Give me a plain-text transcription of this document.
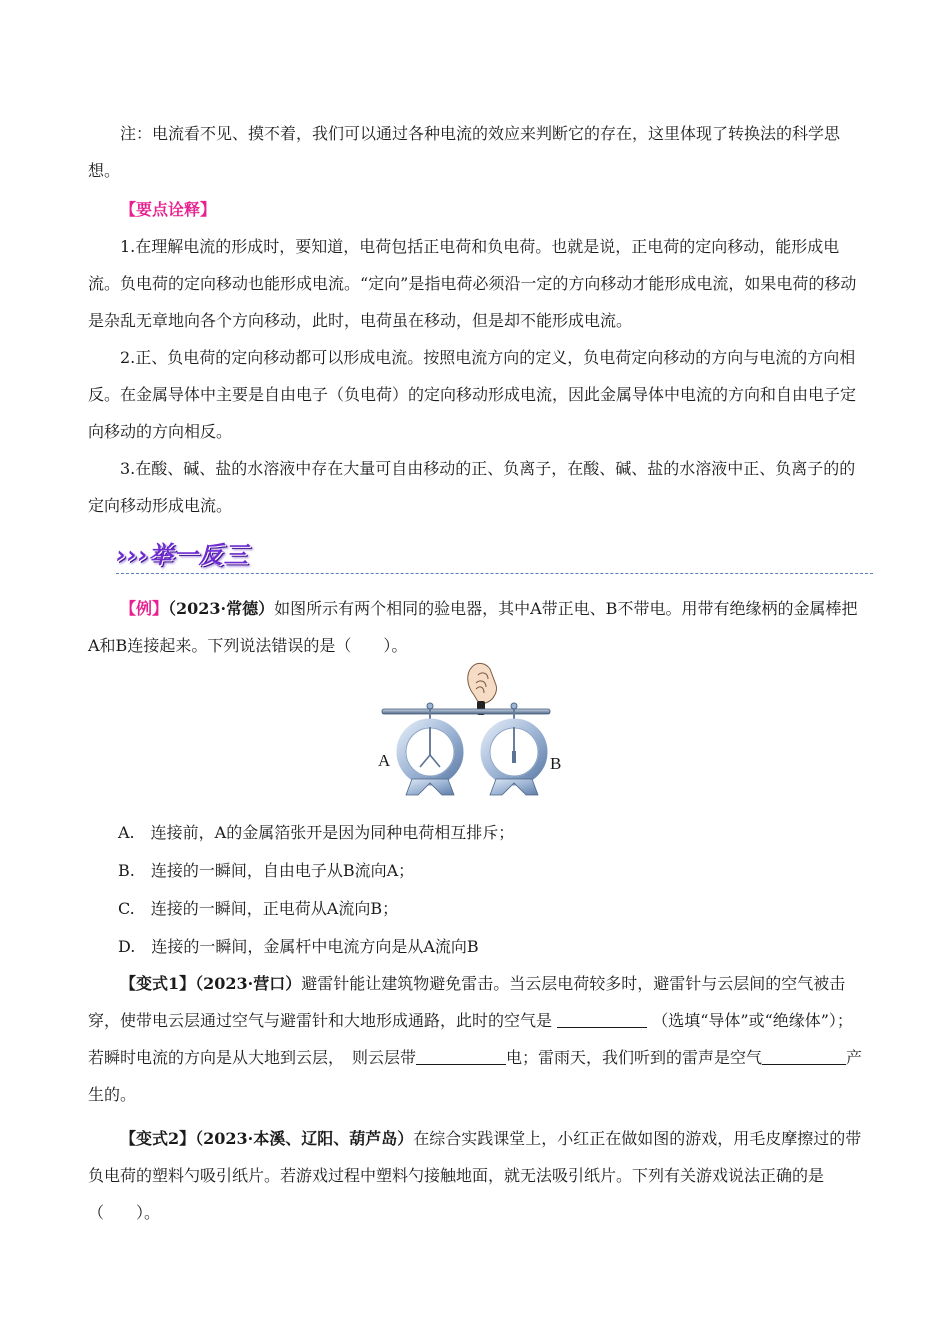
注：电流看不见、摸不着，我们可以通过各种电流的效应来判断它的存在，这里体现了转换法的科学思想。

【要点诠释】

1.在理解电流的形成时，要知道，电荷包括正电荷和负电荷。也就是说，正电荷的定向移动，能形成电流。负电荷的定向移动也能形成电流。“定向”是指电荷必须沿一定的方向移动才能形成电流，如果电荷的移动是杂乱无章地向各个方向移动，此时，电荷虽在移动，但是却不能形成电流。

2.正、负电荷的定向移动都可以形成电流。按照电流方向的定义，负电荷定向移动的方向与电流的方向相反。在金属导体中主要是自由电子（负电荷）的定向移动形成电流，因此金属导体中电流的方向和自由电子定向移动的方向相反。

3.在酸、碱、盐的水溶液中存在大量可自由移动的正、负离子，在酸、碱、盐的水溶液中正、负离子的的定向移动形成电流。

›››举一反三

【例】（2023·常德）如图所示有两个相同的验电器，其中A带正电、B不带电。用带有绝缘柄的金属棒把A和B连接起来。下列说法错误的是（　　）。

A	B

A.　连接前，A的金属箔张开是因为同种电荷相互排斥；

B.　连接的一瞬间，自由电子从B流向A；

C.　连接的一瞬间，正电荷从A流向B；

D.　连接的一瞬间，金属杆中电流方向是从A流向B

【变式1】（2023·营口）避雷针能让建筑物避免雷击。当云层电荷较多时，避雷针与云层间的空气被击穿，使带电云层通过空气与避雷针和大地形成通路，此时的空气是	（选填“导体”或“绝缘体”）；若瞬时电流的方向是从大地到云层，　则云层带	电；雷雨天，我们听到的雷声是空气	产生的。

【变式2】（2023·本溪、辽阳、葫芦岛）在综合实践课堂上，小红正在做如图的游戏，用毛皮摩擦过的带负电荷的塑料勺吸引纸片。若游戏过程中塑料勺接触地面，就无法吸引纸片。下列有关游戏说法正确的是（　　）。
